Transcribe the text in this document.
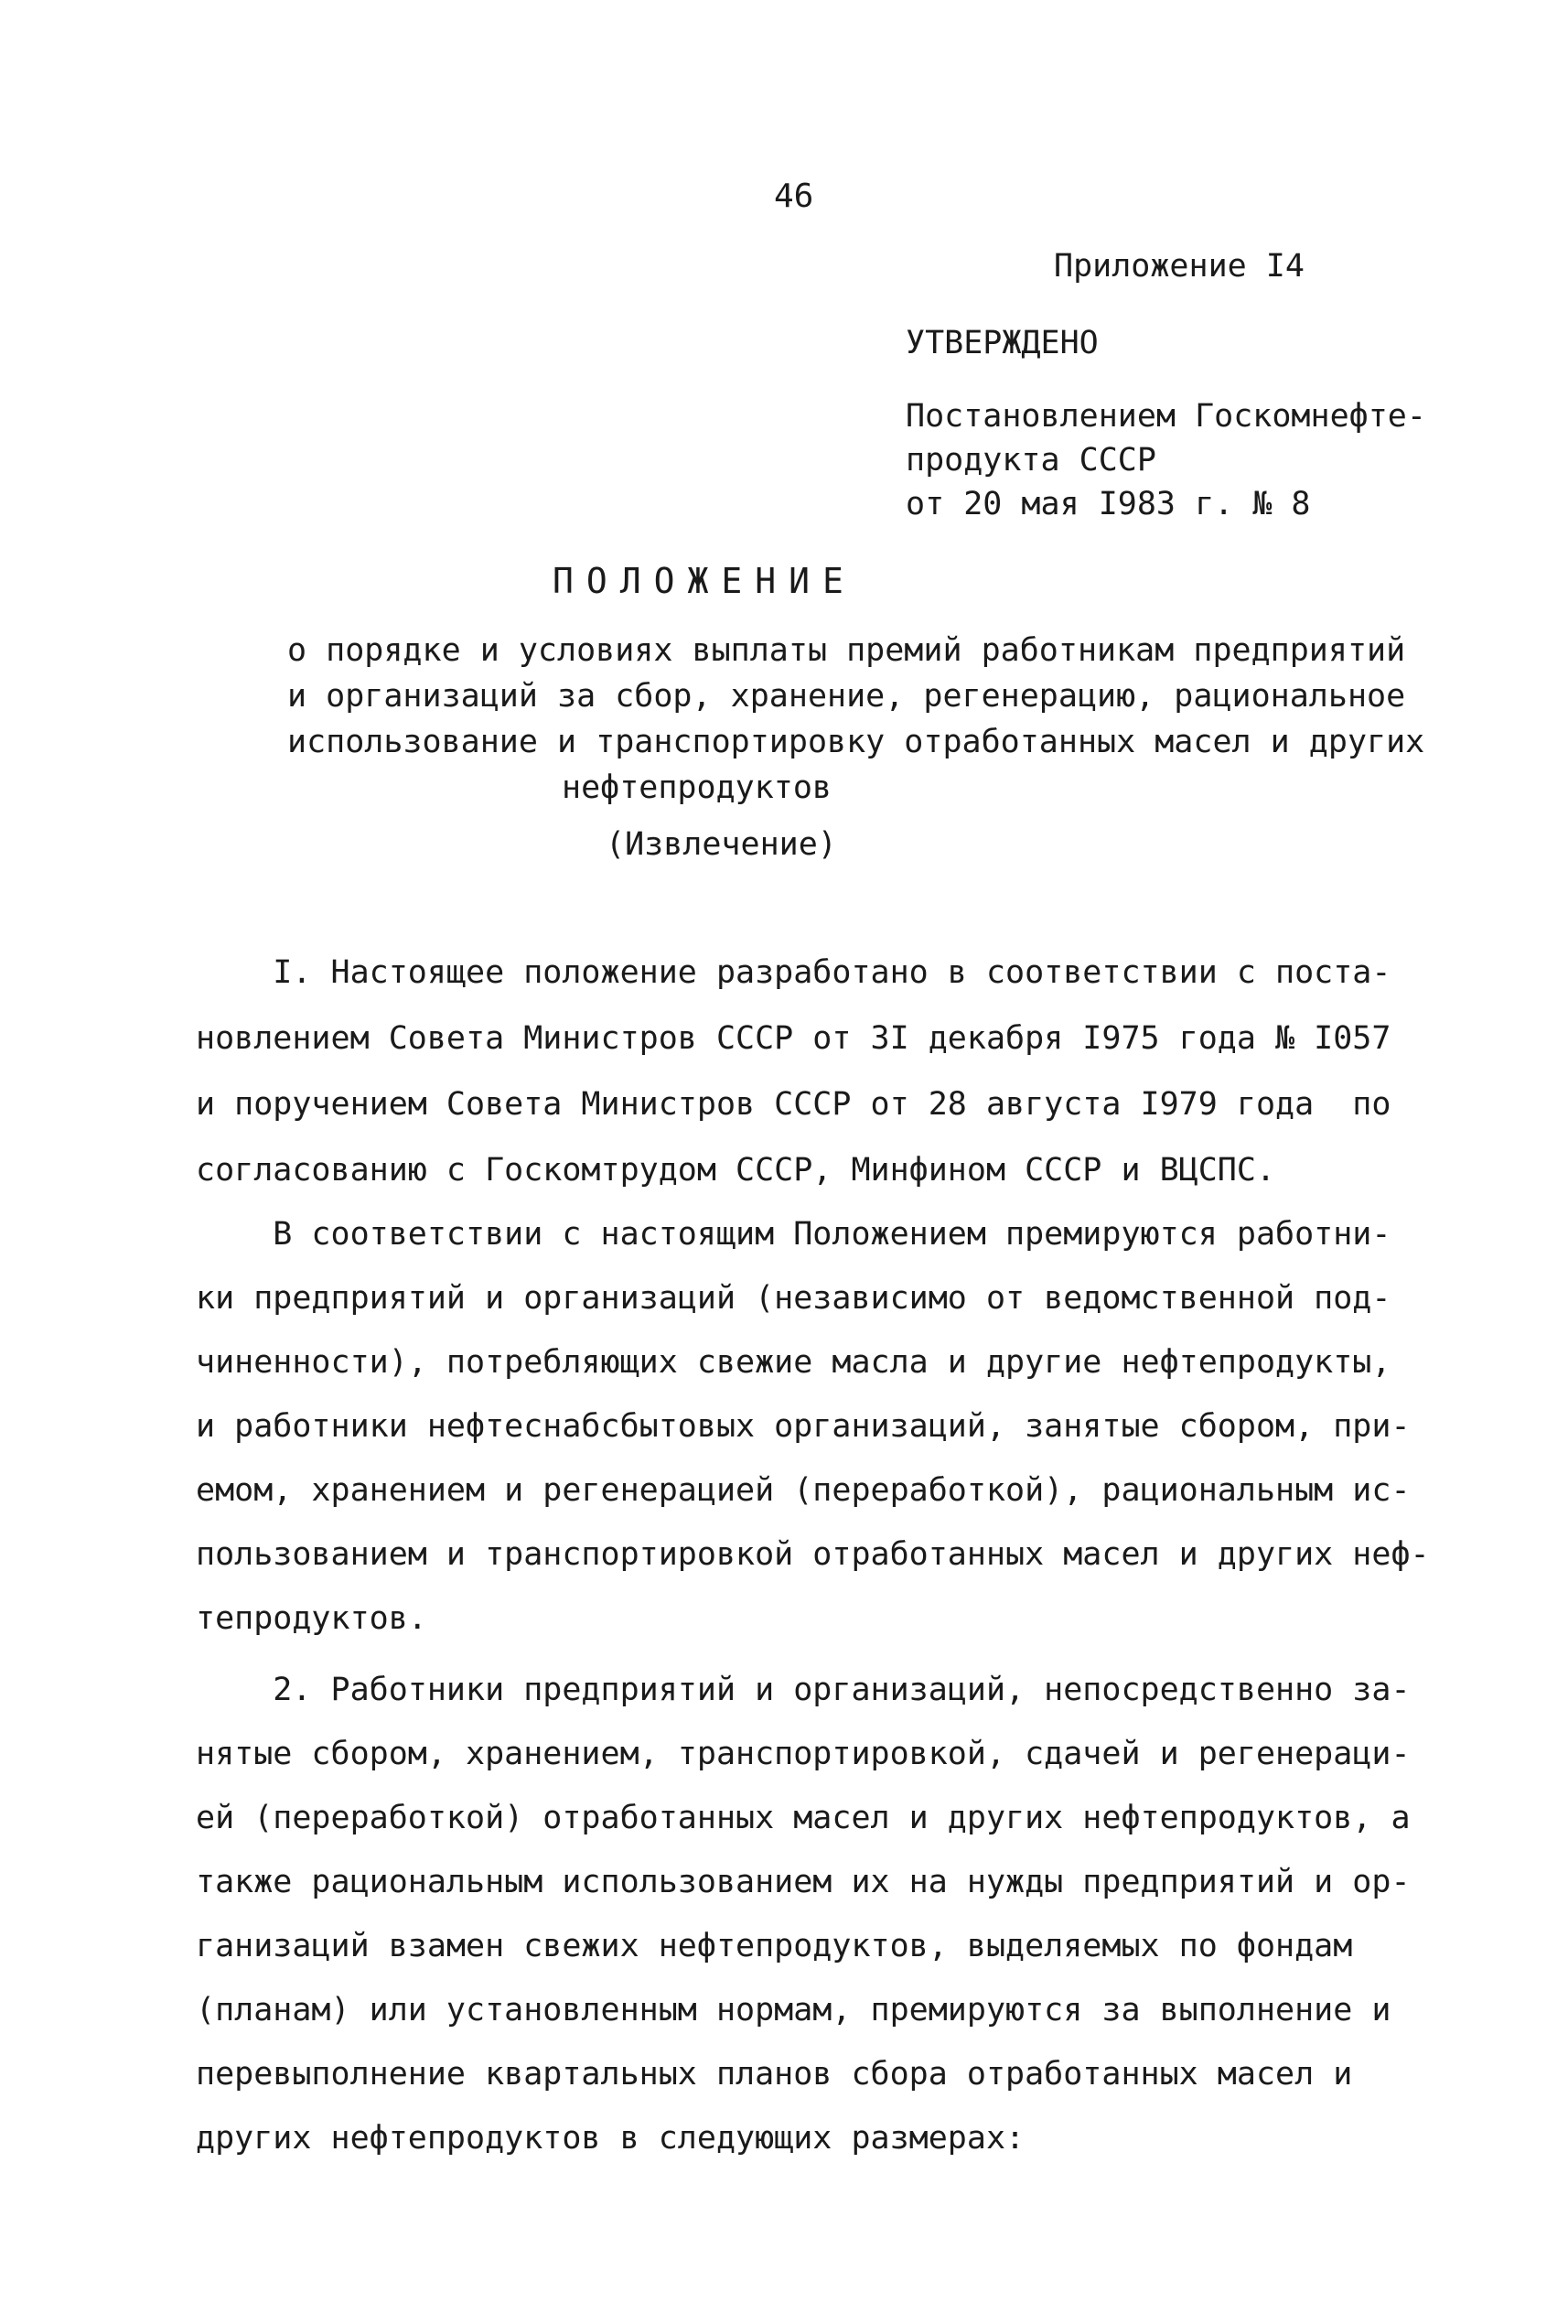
46
Приложение I4
УТВЕРЖДЕНО
Постановлением Госкомнефте-
продукта СССР
от 20 мая I983 г. № 8
ПОЛОЖЕНИЕ
о порядке и условиях выплаты премий работникам предприятий
и организаций за сбор, хранение, регенерацию, рациональное
использование и транспортировку отработанных масел и других
нефтепродуктов
(Извлечение)
I. Настоящее положение разработано в соответствии с поста-
новлением Совета Министров СССР от 3I декабря I975 года № I057
и поручением Совета Министров СССР от 28 августа I979 года  по
согласованию с Госкомтрудом СССР, Минфином СССР и ВЦСПС.
В соответствии с настоящим Положением премируются работни-
ки предприятий и организаций (независимо от ведомственной под-
чиненности), потребляющих свежие масла и другие нефтепродукты,
и работники нефтеснабсбытовых организаций, занятые сбором, при-
емом, хранением и регенерацией (переработкой), рациональным ис-
пользованием и транспортировкой отработанных масел и других неф-
тепродуктов.
2. Работники предприятий и организаций, непосредственно за-
нятые сбором, хранением, транспортировкой, сдачей и регенераци-
ей (переработкой) отработанных масел и других нефтепродуктов, а
также рациональным использованием их на нужды предприятий и ор-
ганизаций взамен свежих нефтепродуктов, выделяемых по фондам
(планам) или установленным нормам, премируются за выполнение и
перевыполнение квартальных планов сбора отработанных масел и
других нефтепродуктов в следующих размерах:
